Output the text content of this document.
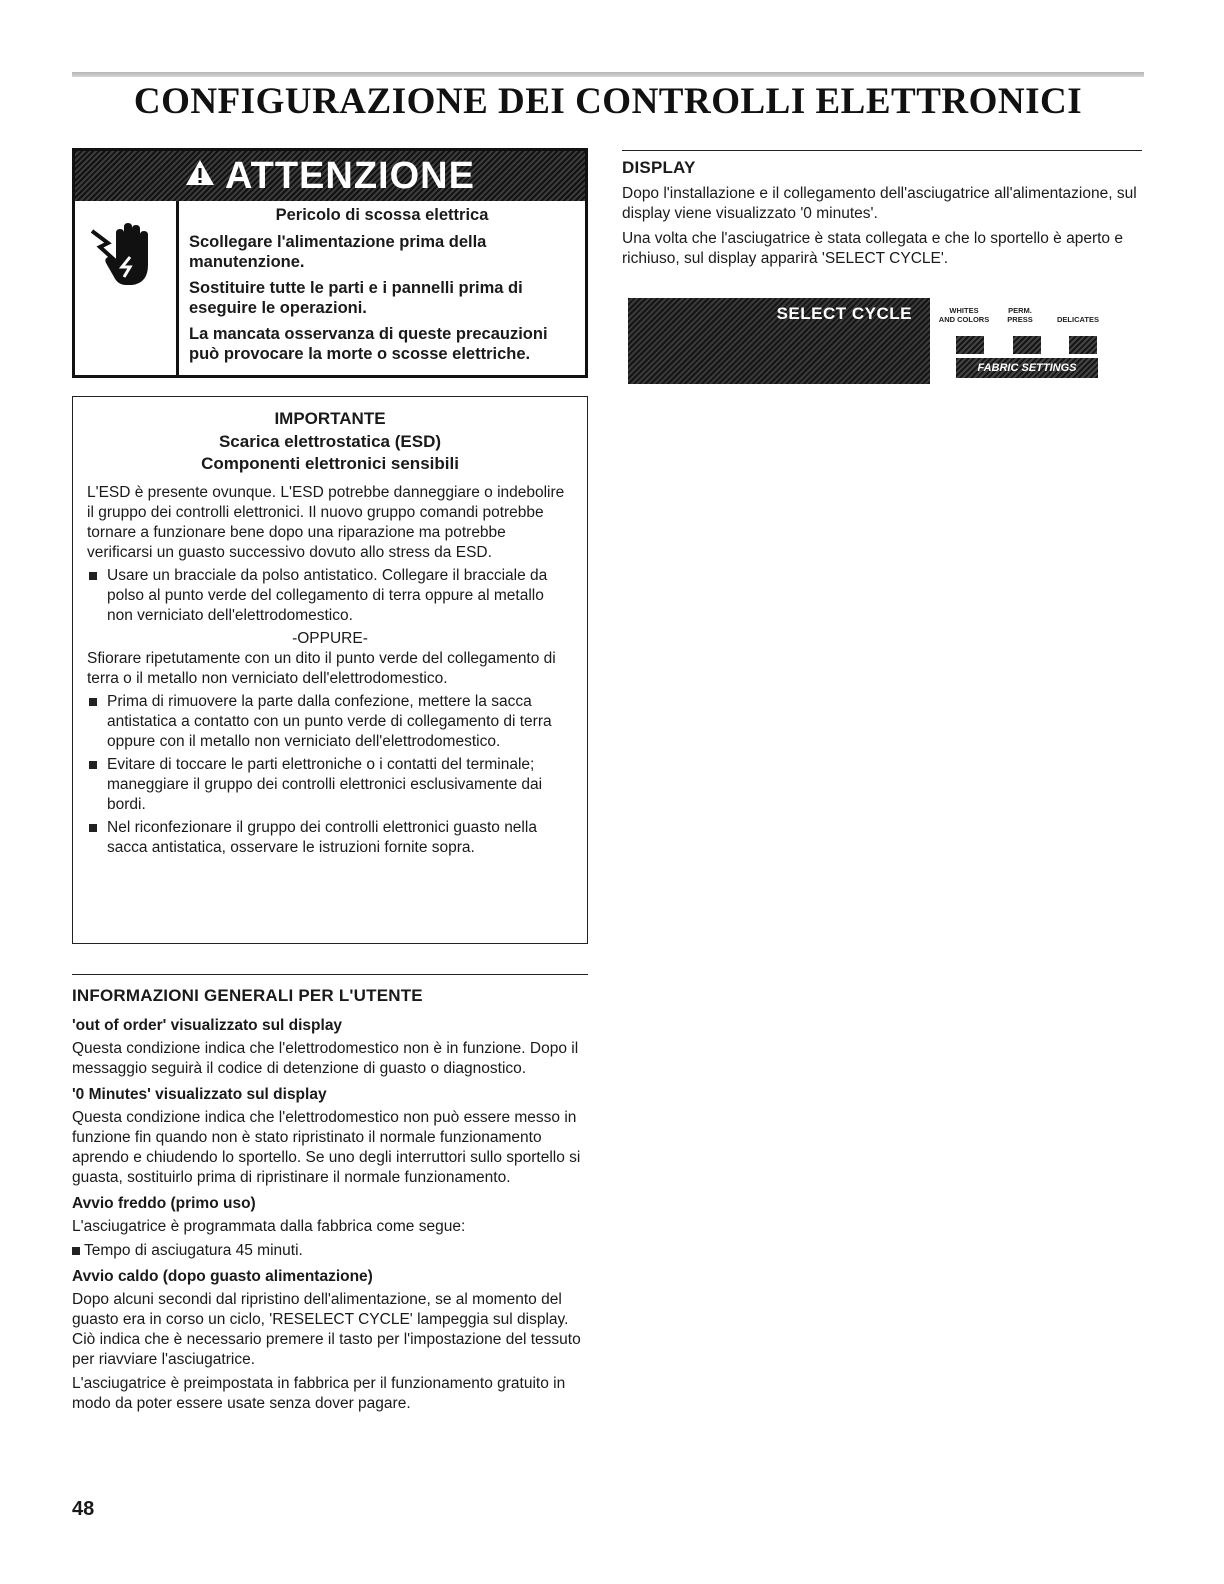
CONFIGURAZIONE DEI CONTROLLI ELETTRONICI
ATTENZIONE
Pericolo di scossa elettrica

Scollegare l'alimentazione prima della manutenzione.

Sostituire tutte le parti e i pannelli prima di eseguire le operazioni.

La mancata osservanza di queste precauzioni può provocare la morte o scosse elettriche.

IMPORTANTE
Scarica elettrostatica (ESD)
Componenti elettronici sensibili
L'ESD è presente ovunque. L'ESD potrebbe danneggiare o indebolire il gruppo dei controlli elettronici. Il nuovo gruppo comandi potrebbe tornare a funzionare bene dopo una riparazione ma potrebbe verificarsi un guasto successivo dovuto allo stress da ESD.
Usare un bracciale da polso antistatico. Collegare il bracciale da polso al punto verde del collegamento di terra oppure al metallo non verniciato dell'elettrodomestico.
-OPPURE-
Sfiorare ripetutamente con un dito il punto verde del collegamento di terra o il metallo non verniciato dell'elettrodomestico.
Prima di rimuovere la parte dalla confezione, mettere la sacca antistatica a contatto con un punto verde di collegamento di terra oppure con il metallo non verniciato dell'elettrodomestico.
Evitare di toccare le parti elettroniche o i contatti del terminale; maneggiare il gruppo dei controlli elettronici esclusivamente dai bordi.
Nel riconfezionare il gruppo dei controlli elettronici guasto nella sacca antistatica, osservare le istruzioni fornite sopra.
INFORMAZIONI GENERALI PER L'UTENTE
'out of order' visualizzato sul display

Questa condizione indica che l'elettrodomestico non è in funzione. Dopo il messaggio seguirà il codice di detenzione di guasto o diagnostico.

'0 Minutes' visualizzato sul display

Questa condizione indica che l'elettrodomestico non può essere messo in funzione fin quando non è stato ripristinato il normale funzionamento aprendo e chiudendo lo sportello. Se uno degli interruttori sullo sportello si guasta, sostituirlo prima di ripristinare il normale funzionamento.

Avvio freddo (primo uso)

L'asciugatrice è programmata dalla fabbrica come segue:

Tempo di asciugatura 45 minuti.
Avvio caldo (dopo guasto alimentazione)

Dopo alcuni secondi dal ripristino dell'alimentazione, se al momento del guasto era in corso un ciclo, 'RESELECT CYCLE' lampeggia sul display. Ciò indica che è necessario premere il tasto per l'impostazione del tessuto per riavviare l'asciugatrice.

L'asciugatrice è preimpostata in fabbrica per il funzionamento gratuito in modo da poter essere usate senza dover pagare.

DISPLAY

Dopo l'installazione e il collegamento dell'asciugatrice all'alimentazione, sul display viene visualizzato '0 minutes'.

Una volta che l'asciugatrice è stata collegata e che lo sportello è aperto e richiuso, sul display apparirà 'SELECT CYCLE'.

SELECT CYCLE	WHITES
AND COLORS
PERM.
PRESS	DELICATES
FABRIC SETTINGS
48
